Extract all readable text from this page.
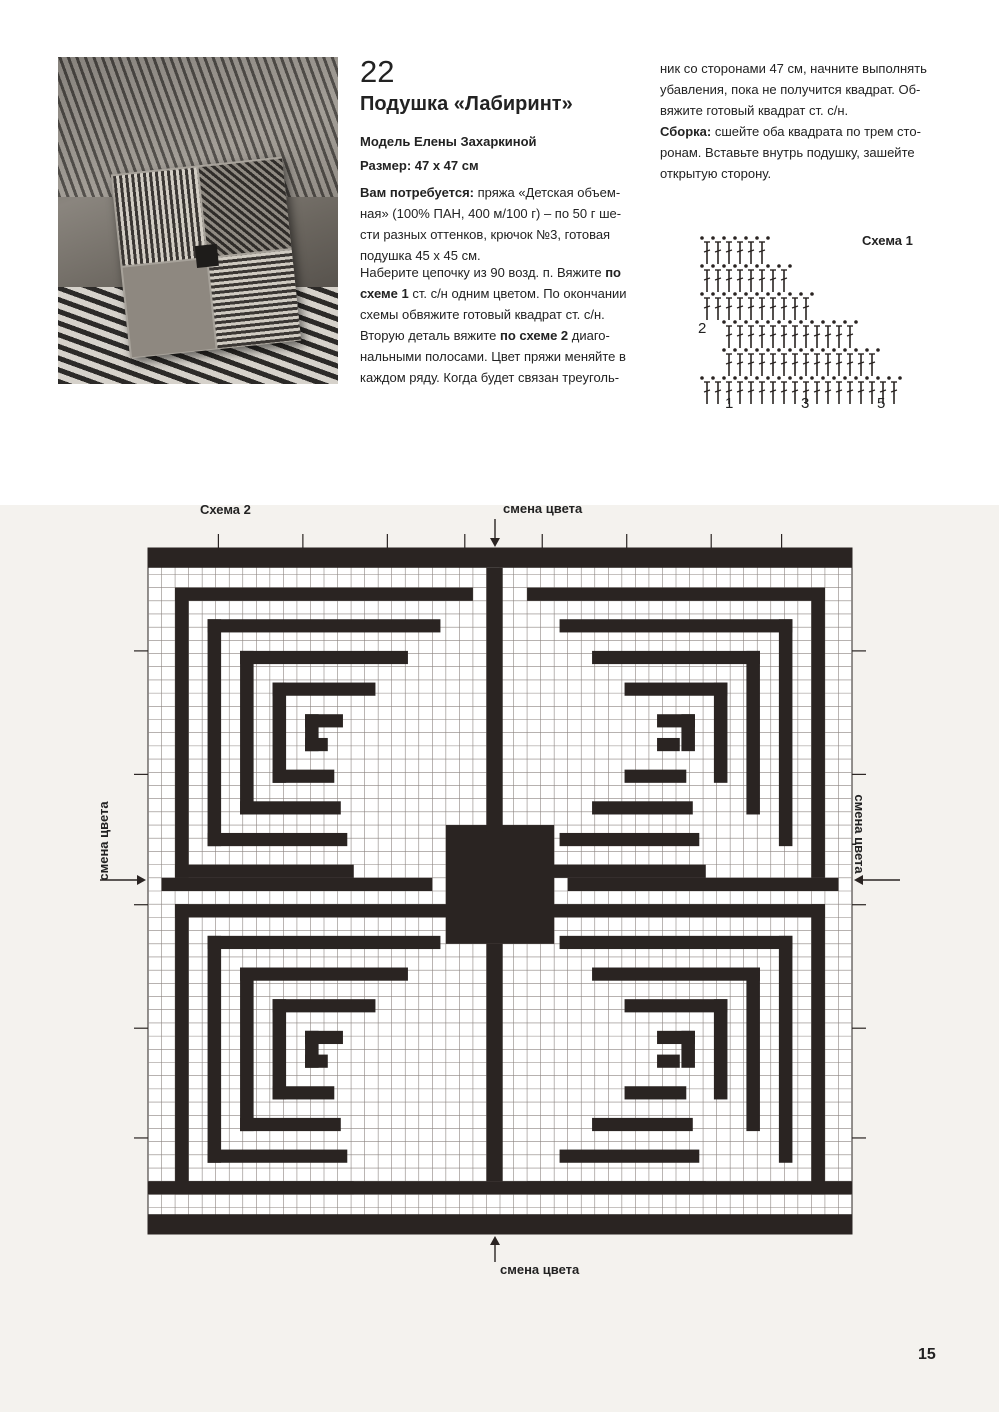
22
Подушка «Лабиринт»
Модель Елены Захаркиной
Размер: 47 х 47 см
Вам потребуется: пряжа «Детская объем-
ная» (100% ПАН, 400 м/100 г) – по 50 г ше-
сти разных оттенков, крючок №3, готовая
подушка 45 х 45 см.
Наберите цепочку из 90 возд. п. Вяжите по
схеме 1 ст. с/н одним цветом. По окончании
схемы обвяжите готовый квадрат ст. с/н.
Вторую деталь вяжите по схеме 2 диаго-
нальными полосами. Цвет пряжи меняйте в
каждом ряду. Когда будет связан треуголь-
ник со сторонами 47 см, начните выполнять
убавления, пока не получится квадрат. Об-
вяжите готовый квадрат ст. с/н.
Сборка: сшейте оба квадрата по трем сто-
ронам. Вставьте внутрь подушку, зашейте
открытую сторону.
Схема 1
2
1	3	5
Схема 2	смена цвета
смена цвета
смена цвета	смена цвета
15
